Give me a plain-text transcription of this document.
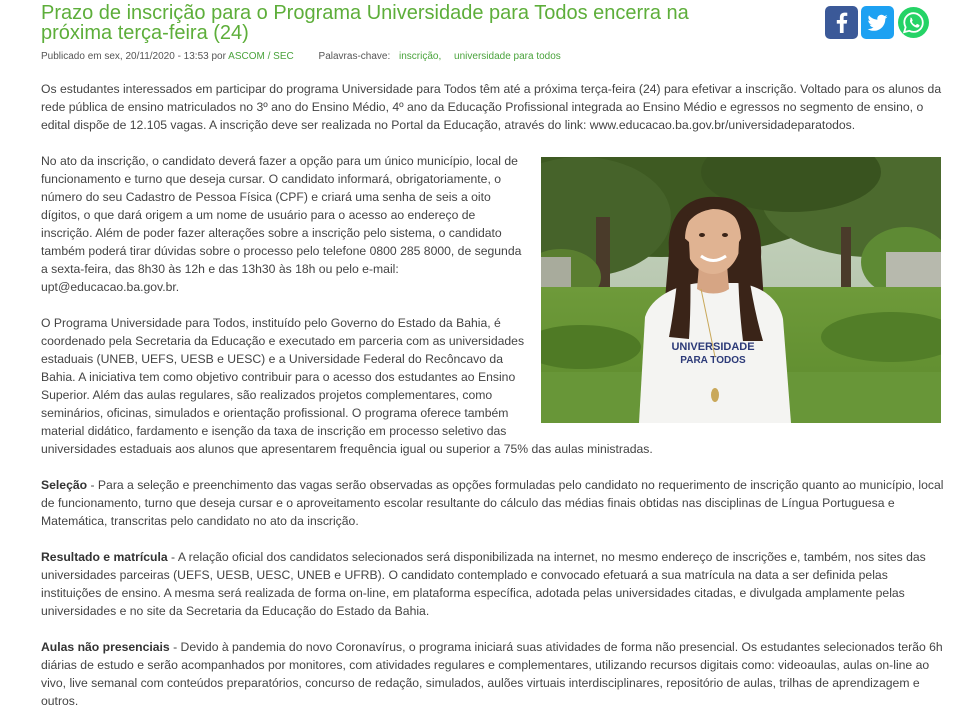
Prazo de inscrição para o Programa Universidade para Todos encerra na próxima terça-feira (24)
Publicado em sex, 20/11/2020 - 13:53 por ASCOM / SEC Palavras-chave: inscrição, universidade para todos

Os estudantes interessados em participar do programa Universidade para Todos têm até a próxima terça-feira (24) para efetivar a inscrição. Voltado para os alunos da rede pública de ensino matriculados no 3º ano do Ensino Médio, 4º ano da Educação Profissional integrada ao Ensino Médio e egressos no segmento de ensino, o edital dispõe de 12.105 vagas. A inscrição deve ser realizada no Portal da Educação, através do link: www.educacao.ba.gov.br/universidadeparatodos.

UNIVERSIDADE
PARA TODOS

No ato da inscrição, o candidato deverá fazer a opção para um único município, local de funcionamento e turno que deseja cursar. O candidato informará, obrigatoriamente, o número do seu Cadastro de Pessoa Física (CPF) e criará uma senha de seis a oito dígitos, o que dará origem a um nome de usuário para o acesso ao endereço de inscrição. Além de poder fazer alterações sobre a inscrição pelo sistema, o candidato também poderá tirar dúvidas sobre o processo pelo telefone 0800 285 8000, de segunda a sexta-feira, das 8h30 às 12h e das 13h30 às 18h ou pelo e-mail: upt@educacao.ba.gov.br.

O Programa Universidade para Todos, instituído pelo Governo do Estado da Bahia, é coordenado pela Secretaria da Educação e executado em parceria com as universidades estaduais (UNEB, UEFS, UESB e UESC) e a Universidade Federal do Recôncavo da Bahia. A iniciativa tem como objetivo contribuir para o acesso dos estudantes ao Ensino Superior. Além das aulas regulares, são realizados projetos complementares, como seminários, oficinas, simulados e orientação profissional. O programa oferece também material didático, fardamento e isenção da taxa de inscrição em processo seletivo das universidades estaduais aos alunos que apresentarem frequência igual ou superior a 75% das aulas ministradas.

Seleção - Para a seleção e preenchimento das vagas serão observadas as opções formuladas pelo candidato no requerimento de inscrição quanto ao município, local de funcionamento, turno que deseja cursar e o aproveitamento escolar resultante do cálculo das médias finais obtidas nas disciplinas de Língua Portuguesa e Matemática, transcritas pelo candidato no ato da inscrição.

Resultado e matrícula - A relação oficial dos candidatos selecionados será disponibilizada na internet, no mesmo endereço de inscrições e, também, nos sites das universidades parceiras (UEFS, UESB, UESC, UNEB e UFRB). O candidato contemplado e convocado efetuará a sua matrícula na data a ser definida pelas instituições de ensino. A mesma será realizada de forma on-line, em plataforma específica, adotada pelas universidades citadas, e divulgada amplamente pelas universidades e no site da Secretaria da Educação do Estado da Bahia.

Aulas não presenciais - Devido à pandemia do novo Coronavírus, o programa iniciará suas atividades de forma não presencial. Os estudantes selecionados terão 6h diárias de estudo e serão acompanhados por monitores, com atividades regulares e complementares, utilizando recursos digitais como: videoaulas, aulas on-line ao vivo, live semanal com conteúdos preparatórios, concurso de redação, simulados, aulões virtuais interdisciplinares, repositório de aulas, trilhas de aprendizagem e outros.
